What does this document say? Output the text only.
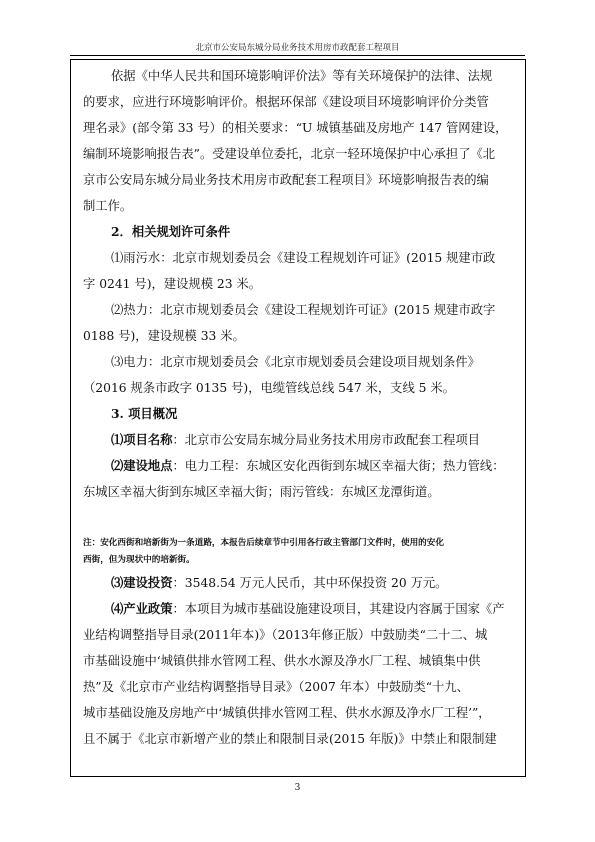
北京市公安局东城分局业务技术用房市政配套工程项目
依据《中华人民共和国环境影响评价法》等有关环境保护的法律、法规
的要求，应进行环境影响评价。根据环保部《建设项目环境影响评价分类管
理名录》(部令第 33 号）的相关要求：“U 城镇基础及房地产 147 管网建设，
编制环境影响报告表”。受建设单位委托，北京一轻环境保护中心承担了《北
京市公安局东城分局业务技术用房市政配套工程项目》环境影响报告表的编
制工作。
2．相关规划许可条件
⑴雨污水：北京市规划委员会《建设工程规划许可证》(2015 规建市政
字 0241 号)，建设规模 23 米。
⑵热力：北京市规划委员会《建设工程规划许可证》(2015 规建市政字
0188 号)，建设规模 33 米。
⑶电力：北京市规划委员会《北京市规划委员会建设项目规划条件》
（2016 规条市政字 0135 号)，电缆管线总线 547 米，支线 5 米。
3. 项目概况
⑴项目名称：北京市公安局东城分局业务技术用房市政配套工程项目
⑵建设地点：电力工程：东城区安化西街到东城区幸福大街；热力管线：
东城区幸福大街到东城区幸福大街；雨污管线：东城区龙潭街道。
注：安化西街和培新街为一条道路，本报告后续章节中引用各行政主管部门文件时，使用的安化
西街，但为现状中的培新街。
⑶建设投资：3548.54 万元人民币，其中环保投资 20 万元。
⑷产业政策：本项目为城市基础设施建设项目，其建设内容属于国家《产
业结构调整指导目录(2011年本)》（2013年修正版）中鼓励类“二十二、城
市基础设施中‘城镇供排水管网工程、供水水源及净水厂工程、城镇集中供
热”及《北京市产业结构调整指导目录》（2007 年本）中鼓励类“十九、
城市基础设施及房地产中‘城镇供排水管网工程、供水水源及净水厂工程’”，
且不属于《北京市新增产业的禁止和限制目录(2015 年版)》中禁止和限制建
3
